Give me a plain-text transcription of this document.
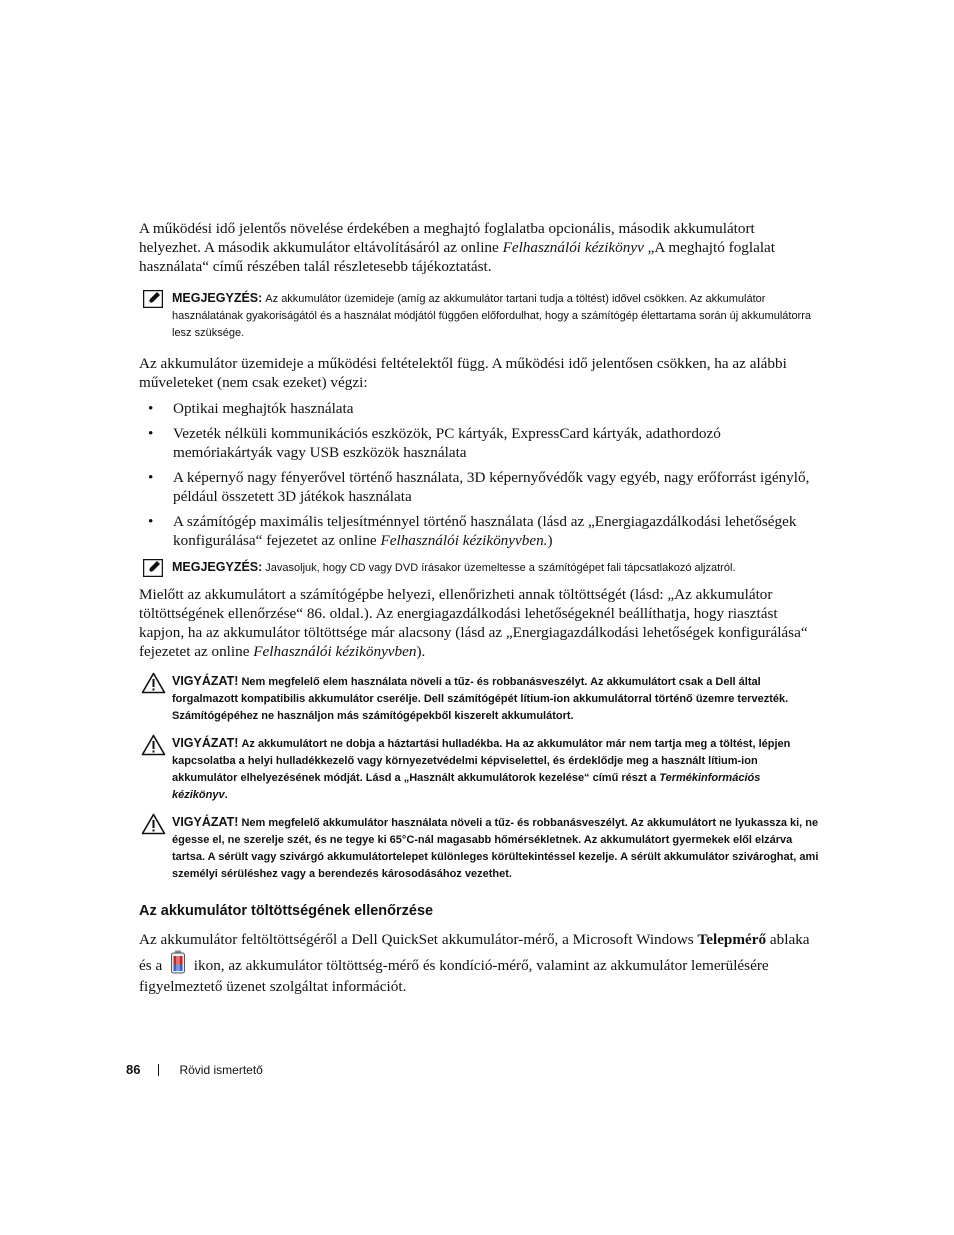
A működési idő jelentős növelése érdekében a meghajtó foglalatba opcionális, második akkumulátort helyezhet. A második akkumulátor eltávolításáról az online Felhasználói kézikönyv „A meghajtó foglalat használata“ című részében talál részletesebb tájékoztatást.

MEGJEGYZÉS: Az akkumulátor üzemideje (amíg az akkumulátor tartani tudja a töltést) idővel csökken. Az akkumulátor használatának gyakoriságától és a használat módjától függően előfordulhat, hogy a számítógép élettartama során új akkumulátorra lesz szüksége.

Az akkumulátor üzemideje a működési feltételektől függ. A működési idő jelentősen csökken, ha az alábbi műveleteket (nem csak ezeket) végzi:

• Optikai meghajtók használata
• Vezeték nélküli kommunikációs eszközök, PC kártyák, ExpressCard kártyák, adathordozó memóriakártyák vagy USB eszközök használata
• A képernyő nagy fényerővel történő használata, 3D képernyővédők vagy egyéb, nagy erőforrást igénylő, például összetett 3D játékok használata
• A számítógép maximális teljesítménnyel történő használata (lásd az „Energiagazdálkodási lehetőségek konfigurálása“ fejezetet az online Felhasználói kézikönyvben.)
MEGJEGYZÉS: Javasoljuk, hogy CD vagy DVD írásakor üzemeltesse a számítógépet fali tápcsatlakozó aljzatról.

Mielőtt az akkumulátort a számítógépbe helyezi, ellenőrizheti annak töltöttségét (lásd: „Az akkumulátor töltöttségének ellenőrzése“ 86. oldal.). Az energiagazdálkodási lehetőségeknél beállíthatja, hogy riasztást kapjon, ha az akkumulátor töltöttsége már alacsony (lásd az „Energiagazdálkodási lehetőségek konfigurálása“ fejezetet az online Felhasználói kézikönyvben).

VIGYÁZAT! Nem megfelelő elem használata növeli a tűz- és robbanásveszélyt. Az akkumulátort csak a Dell által forgalmazott kompatibilis akkumulátor cserélje. Dell számítógépét lítium-ion akkumulátorral történő üzemre tervezték. Számítógépéhez ne használjon más számítógépekből kiszerelt akkumulátort.
VIGYÁZAT! Az akkumulátort ne dobja a háztartási hulladékba. Ha az akkumulátor már nem tartja meg a töltést, lépjen kapcsolatba a helyi hulladékkezelő vagy környezetvédelmi képviselettel, és érdeklődje meg a használt lítium-ion akkumulátor elhelyezésének módját. Lásd a „Használt akkumulátorok kezelése“ című részt a Termékinformációs kézikönyv.
VIGYÁZAT! Nem megfelelő akkumulátor használata növeli a tűz- és robbanásveszélyt. Az akkumulátort ne lyukassza ki, ne égesse el, ne szerelje szét, és ne tegye ki 65°C-nál magasabb hőmérsékletnek. Az akkumulátort gyermekek elől elzárva tartsa. A sérült vagy szivárgó akkumulátortelepet különleges körültekintéssel kezelje. A sérült akkumulátor szivároghat, ami személyi sérüléshez vagy a berendezés károsodásához vezethet.
Az akkumulátor töltöttségének ellenőrzése

Az akkumulátor feltöltöttségéről a Dell QuickSet akkumulátor-mérő, a Microsoft Windows Telepmérő ablaka és a  ikon, az akkumulátor töltöttség-mérő és kondíció-mérő, valamint az akkumulátor lemerülésére figyelmeztető üzenet szolgáltat információt.

86	Rövid ismertető
